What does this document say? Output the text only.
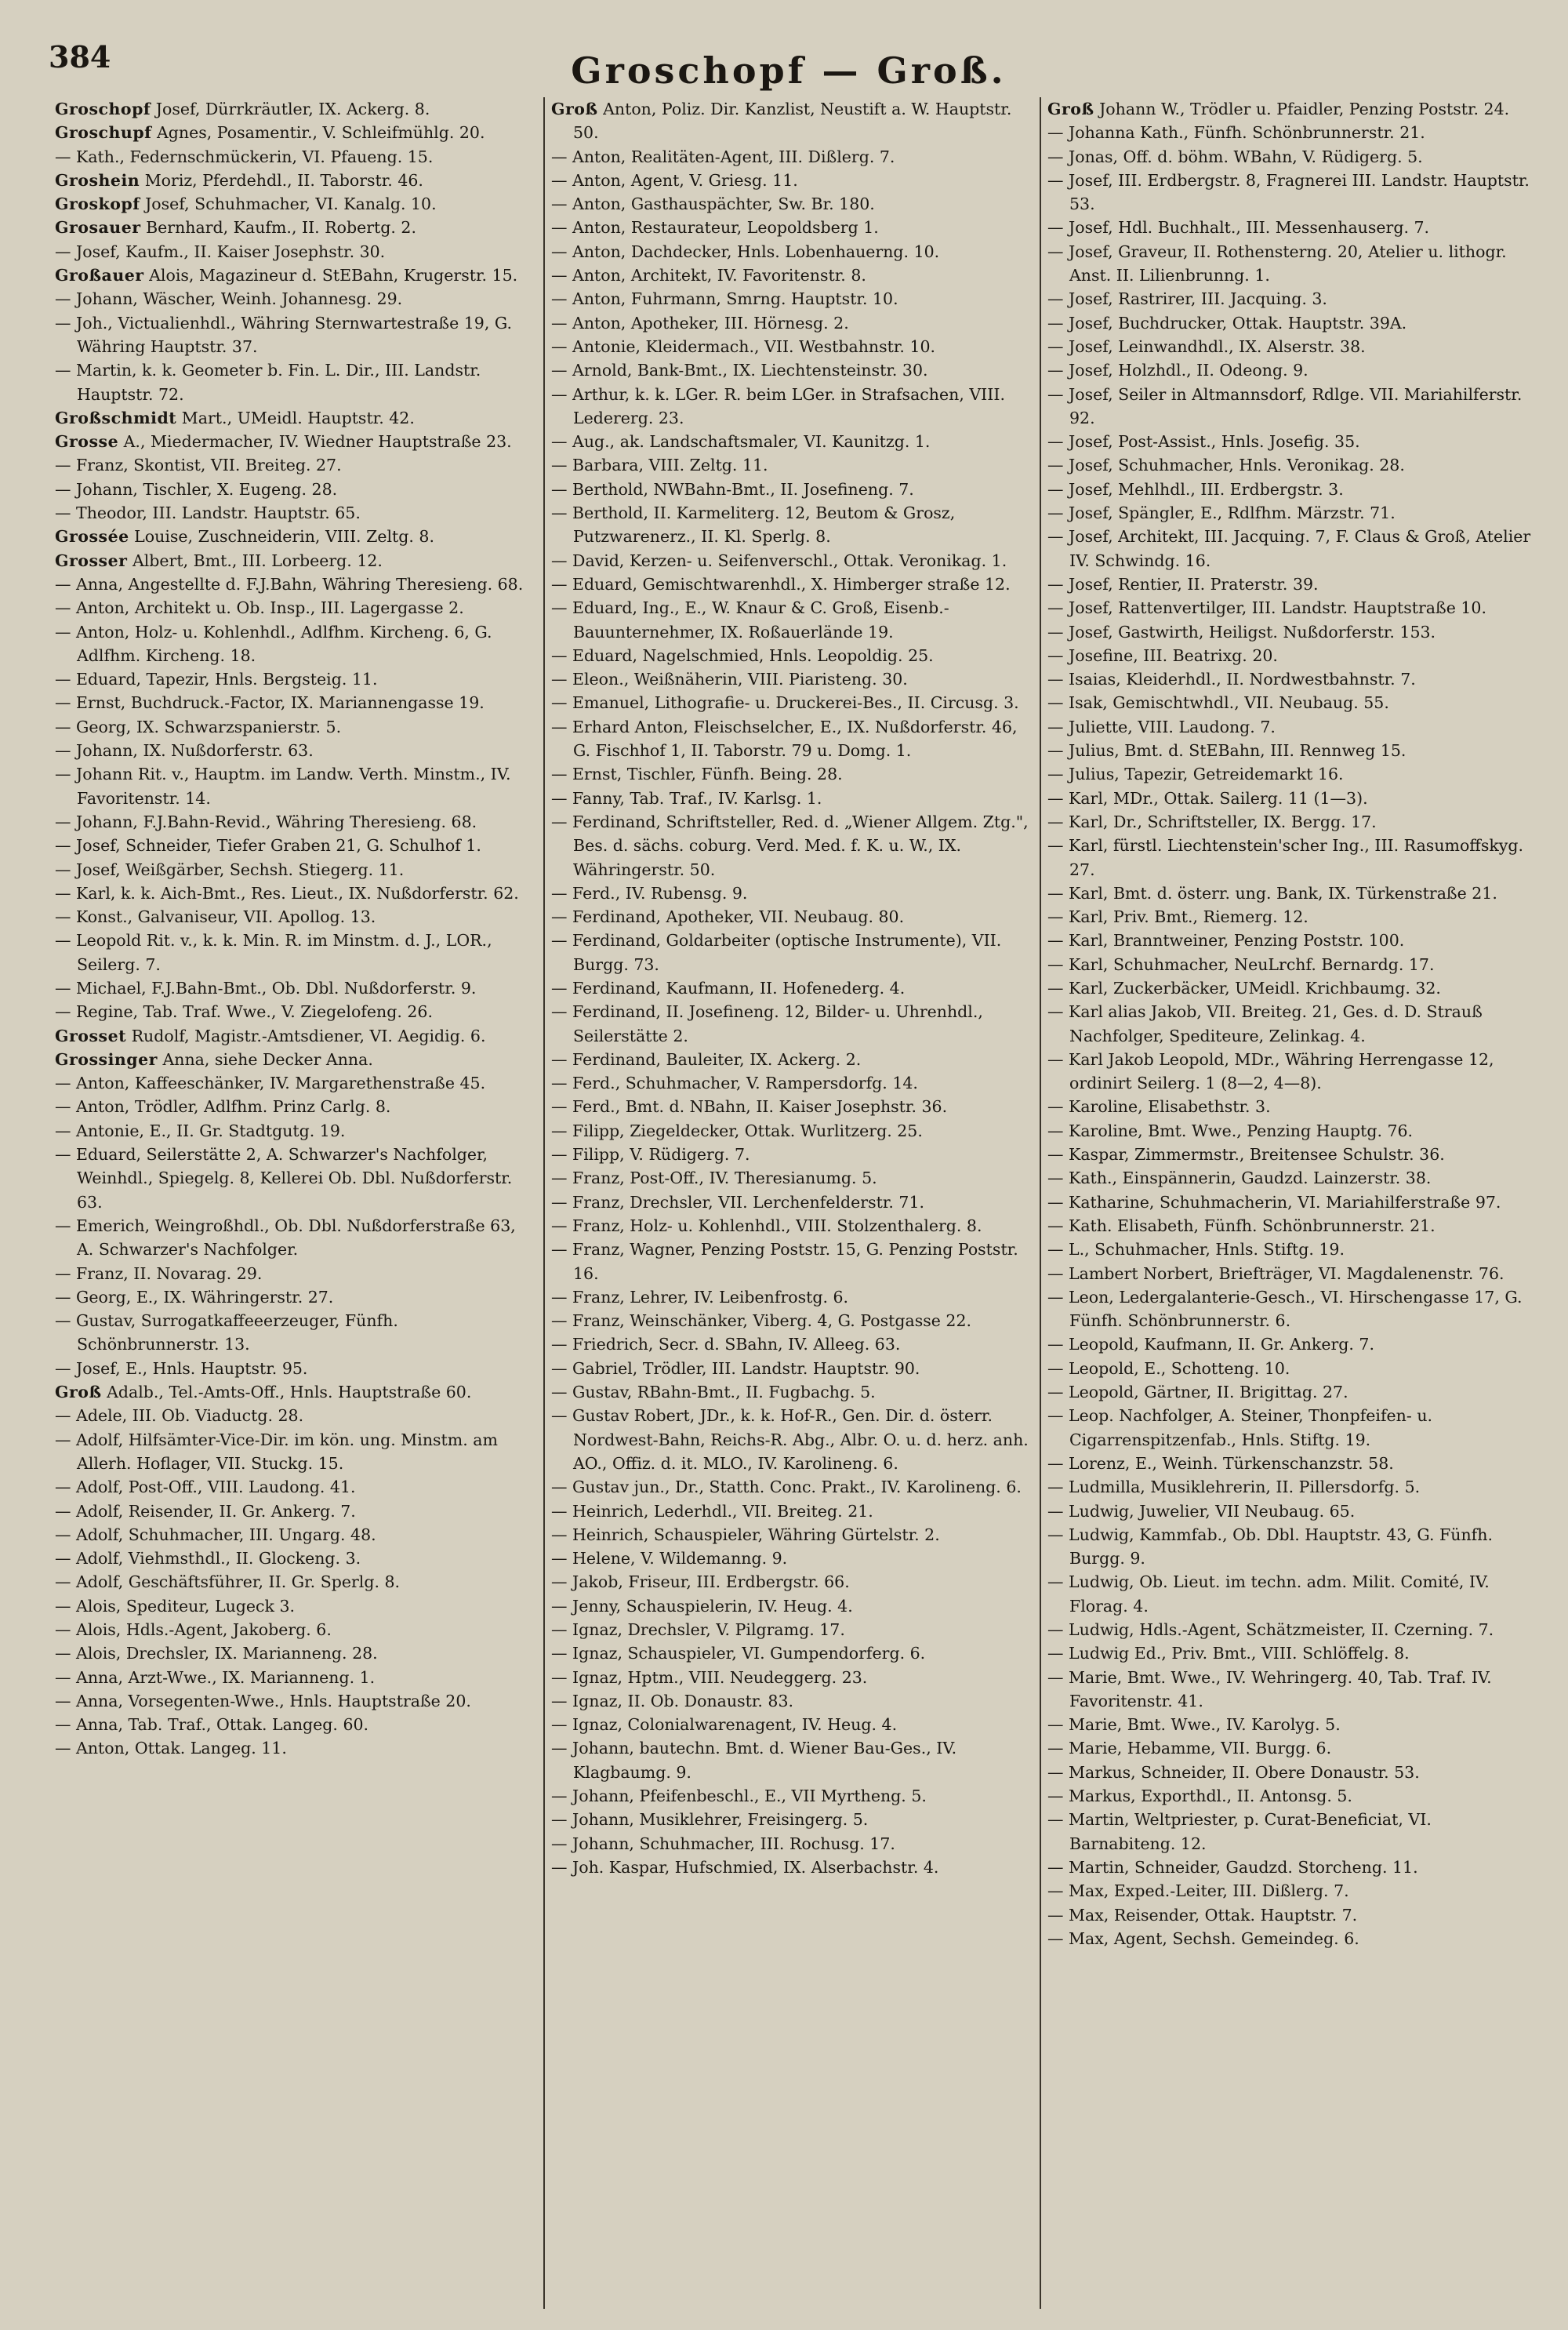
384	Groschopf — Groß.
Groschopf Josef, Dürrkräutler, IX. Ackerg. 8.
Groschupf Agnes, Posamentir., V. Schleifmühlg. 20.
— Kath., Federnschmückerin, VI. Pfaueng. 15.
Groshein Moriz, Pferdehdl., II. Taborstr. 46.
Groskopf Josef, Schuhmacher, VI. Kanalg. 10.
Grosauer Bernhard, Kaufm., II. Robertg. 2.
— Josef, Kaufm., II. Kaiser Josephstr. 30.
Großauer Alois, Magazineur d. StEBahn, Krugerstr. 15.
— Johann, Wäscher, Weinh. Johannesg. 29.
— Joh., Victualienhdl., Währing Sternwartestraße 19, G. Währing Hauptstr. 37.
— Martin, k. k. Geometer b. Fin. L. Dir., III. Landstr. Hauptstr. 72.
Großschmidt Mart., UMeidl. Hauptstr. 42.
Grosse A., Miedermacher, IV. Wiedner Hauptstraße 23.
— Franz, Skontist, VII. Breiteg. 27.
— Johann, Tischler, X. Eugeng. 28.
— Theodor, III. Landstr. Hauptstr. 65.
Grossée Louise, Zuschneiderin, VIII. Zeltg. 8.
Grosser Albert, Bmt., III. Lorbeerg. 12.
— Anna, Angestellte d. F.J.Bahn, Währing Theresieng. 68.
— Anton, Architekt u. Ob. Insp., III. Lagergasse 2.
— Anton, Holz- u. Kohlenhdl., Adlfhm. Kircheng. 6, G. Adlfhm. Kircheng. 18.
— Eduard, Tapezir, Hnls. Bergsteig. 11.
— Ernst, Buchdruck.-Factor, IX. Mariannengasse 19.
— Georg, IX. Schwarzspanierstr. 5.
— Johann, IX. Nußdorferstr. 63.
— Johann Rit. v., Hauptm. im Landw. Verth. Minstm., IV. Favoritenstr. 14.
— Johann, F.J.Bahn-Revid., Währing Theresieng. 68.
— Josef, Schneider, Tiefer Graben 21, G. Schulhof 1.
— Josef, Weißgärber, Sechsh. Stiegerg. 11.
— Karl, k. k. Aich-Bmt., Res. Lieut., IX. Nußdorferstr. 62.
— Konst., Galvaniseur, VII. Apollog. 13.
— Leopold Rit. v., k. k. Min. R. im Minstm. d. J., LOR., Seilerg. 7.
— Michael, F.J.Bahn-Bmt., Ob. Dbl. Nußdorferstr. 9.
— Regine, Tab. Traf. Wwe., V. Ziegelofeng. 26.
Grosset Rudolf, Magistr.-Amtsdiener, VI. Aegidig. 6.
Grossinger Anna, siehe Decker Anna.
— Anton, Kaffeeschänker, IV. Margarethenstraße 45.
— Anton, Trödler, Adlfhm. Prinz Carlg. 8.
— Antonie, E., II. Gr. Stadtgutg. 19.
— Eduard, Seilerstätte 2, A. Schwarzer's Nachfolger, Weinhdl., Spiegelg. 8, Kellerei Ob. Dbl. Nußdorferstr. 63.
— Emerich, Weingroßhdl., Ob. Dbl. Nußdorferstraße 63, A. Schwarzer's Nachfolger.
— Franz, II. Novarag. 29.
— Georg, E., IX. Währingerstr. 27.
— Gustav, Surrogatkaffeeerzeuger, Fünfh. Schönbrunnerstr. 13.
— Josef, E., Hnls. Hauptstr. 95.
Groß Adalb., Tel.-Amts-Off., Hnls. Hauptstraße 60.
— Adele, III. Ob. Viaductg. 28.
— Adolf, Hilfsämter-Vice-Dir. im kön. ung. Minstm. am Allerh. Hoflager, VII. Stuckg. 15.
— Adolf, Post-Off., VIII. Laudong. 41.
— Adolf, Reisender, II. Gr. Ankerg. 7.
— Adolf, Schuhmacher, III. Ungarg. 48.
— Adolf, Viehmsthdl., II. Glockeng. 3.
— Adolf, Geschäftsführer, II. Gr. Sperlg. 8.
— Alois, Spediteur, Lugeck 3.
— Alois, Hdls.-Agent, Jakoberg. 6.
— Alois, Drechsler, IX. Marianneng. 28.
— Anna, Arzt-Wwe., IX. Marianneng. 1.
— Anna, Vorsegenten-Wwe., Hnls. Hauptstraße 20.
— Anna, Tab. Traf., Ottak. Langeg. 60.
— Anton, Ottak. Langeg. 11.
Groß Anton, Poliz. Dir. Kanzlist, Neustift a. W. Hauptstr. 50.
— Anton, Realitäten-Agent, III. Dißlerg. 7.
— Anton, Agent, V. Griesg. 11.
— Anton, Gasthauspächter, Sw. Br. 180.
— Anton, Restaurateur, Leopoldsberg 1.
— Anton, Dachdecker, Hnls. Lobenhauerng. 10.
— Anton, Architekt, IV. Favoritenstr. 8.
— Anton, Fuhrmann, Smrng. Hauptstr. 10.
— Anton, Apotheker, III. Hörnesg. 2.
— Antonie, Kleidermach., VII. Westbahnstr. 10.
— Arnold, Bank-Bmt., IX. Liechtensteinstr. 30.
— Arthur, k. k. LGer. R. beim LGer. in Strafsachen, VIII. Ledererg. 23.
— Aug., ak. Landschaftsmaler, VI. Kaunitzg. 1.
— Barbara, VIII. Zeltg. 11.
— Berthold, NWBahn-Bmt., II. Josefineng. 7.
— Berthold, II. Karmeliterg. 12, Beutom & Grosz, Putzwarenerz., II. Kl. Sperlg. 8.
— David, Kerzen- u. Seifenverschl., Ottak. Veronikag. 1.
— Eduard, Gemischtwarenhdl., X. Himberger straße 12.
— Eduard, Ing., E., W. Knaur & C. Groß, Eisenb.-Bauunternehmer, IX. Roßauerlände 19.
— Eduard, Nagelschmied, Hnls. Leopoldig. 25.
— Eleon., Weißnäherin, VIII. Piaristeng. 30.
— Emanuel, Lithografie- u. Druckerei-Bes., II. Circusg. 3.
— Erhard Anton, Fleischselcher, E., IX. Nußdorferstr. 46, G. Fischhof 1, II. Taborstr. 79 u. Domg. 1.
— Ernst, Tischler, Fünfh. Being. 28.
— Fanny, Tab. Traf., IV. Karlsg. 1.
— Ferdinand, Schriftsteller, Red. d. „Wiener Allgem. Ztg.", Bes. d. sächs. coburg. Verd. Med. f. K. u. W., IX. Währingerstr. 50.
— Ferd., IV. Rubensg. 9.
— Ferdinand, Apotheker, VII. Neubaug. 80.
— Ferdinand, Goldarbeiter (optische Instrumente), VII. Burgg. 73.
— Ferdinand, Kaufmann, II. Hofenederg. 4.
— Ferdinand, II. Josefineng. 12, Bilder- u. Uhrenhdl., Seilerstätte 2.
— Ferdinand, Bauleiter, IX. Ackerg. 2.
— Ferd., Schuhmacher, V. Rampersdorfg. 14.
— Ferd., Bmt. d. NBahn, II. Kaiser Josephstr. 36.
— Filipp, Ziegeldecker, Ottak. Wurlitzerg. 25.
— Filipp, V. Rüdigerg. 7.
— Franz, Post-Off., IV. Theresianumg. 5.
— Franz, Drechsler, VII. Lerchenfelderstr. 71.
— Franz, Holz- u. Kohlenhdl., VIII. Stolzenthalerg. 8.
— Franz, Wagner, Penzing Poststr. 15, G. Penzing Poststr. 16.
— Franz, Lehrer, IV. Leibenfrostg. 6.
— Franz, Weinschänker, Viberg. 4, G. Postgasse 22.
— Friedrich, Secr. d. SBahn, IV. Alleeg. 63.
— Gabriel, Trödler, III. Landstr. Hauptstr. 90.
— Gustav, RBahn-Bmt., II. Fugbachg. 5.
— Gustav Robert, JDr., k. k. Hof-R., Gen. Dir. d. österr. Nordwest-Bahn, Reichs-R. Abg., Albr. O. u. d. herz. anh. AO., Offiz. d. it. MLO., IV. Karolineng. 6.
— Gustav jun., Dr., Statth. Conc. Prakt., IV. Karolineng. 6.
— Heinrich, Lederhdl., VII. Breiteg. 21.
— Heinrich, Schauspieler, Währing Gürtelstr. 2.
— Helene, V. Wildemanng. 9.
— Jakob, Friseur, III. Erdbergstr. 66.
— Jenny, Schauspielerin, IV. Heug. 4.
— Ignaz, Drechsler, V. Pilgramg. 17.
— Ignaz, Schauspieler, VI. Gumpendorferg. 6.
— Ignaz, Hptm., VIII. Neudeggerg. 23.
— Ignaz, II. Ob. Donaustr. 83.
— Ignaz, Colonialwarenagent, IV. Heug. 4.
— Johann, bautechn. Bmt. d. Wiener Bau-Ges., IV. Klagbaumg. 9.
— Johann, Pfeifenbeschl., E., VII Myrtheng. 5.
— Johann, Musiklehrer, Freisingerg. 5.
— Johann, Schuhmacher, III. Rochusg. 17.
— Joh. Kaspar, Hufschmied, IX. Alserbachstr. 4.
Groß Johann W., Trödler u. Pfaidler, Penzing Poststr. 24.
— Johanna Kath., Fünfh. Schönbrunnerstr. 21.
— Jonas, Off. d. böhm. WBahn, V. Rüdigerg. 5.
— Josef, III. Erdbergstr. 8, Fragnerei III. Landstr. Hauptstr. 53.
— Josef, Hdl. Buchhalt., III. Messenhauserg. 7.
— Josef, Graveur, II. Rothensterng. 20, Atelier u. lithogr. Anst. II. Lilienbrunng. 1.
— Josef, Rastrirer, III. Jacquing. 3.
— Josef, Buchdrucker, Ottak. Hauptstr. 39A.
— Josef, Leinwandhdl., IX. Alserstr. 38.
— Josef, Holzhdl., II. Odeong. 9.
— Josef, Seiler in Altmannsdorf, Rdlge. VII. Mariahilferstr. 92.
— Josef, Post-Assist., Hnls. Josefig. 35.
— Josef, Schuhmacher, Hnls. Veronikag. 28.
— Josef, Mehlhdl., III. Erdbergstr. 3.
— Josef, Spängler, E., Rdlfhm. Märzstr. 71.
— Josef, Architekt, III. Jacquing. 7, F. Claus & Groß, Atelier IV. Schwindg. 16.
— Josef, Rentier, II. Praterstr. 39.
— Josef, Rattenvertilger, III. Landstr. Hauptstraße 10.
— Josef, Gastwirth, Heiligst. Nußdorferstr. 153.
— Josefine, III. Beatrixg. 20.
— Isaias, Kleiderhdl., II. Nordwestbahnstr. 7.
— Isak, Gemischtwhdl., VII. Neubaug. 55.
— Juliette, VIII. Laudong. 7.
— Julius, Bmt. d. StEBahn, III. Rennweg 15.
— Julius, Tapezir, Getreidemarkt 16.
— Karl, MDr., Ottak. Sailerg. 11 (1—3).
— Karl, Dr., Schriftsteller, IX. Bergg. 17.
— Karl, fürstl. Liechtenstein'scher Ing., III. Rasumoffskyg. 27.
— Karl, Bmt. d. österr. ung. Bank, IX. Türkenstraße 21.
— Karl, Priv. Bmt., Riemerg. 12.
— Karl, Branntweiner, Penzing Poststr. 100.
— Karl, Schuhmacher, NeuLrchf. Bernardg. 17.
— Karl, Zuckerbäcker, UMeidl. Krichbaumg. 32.
— Karl alias Jakob, VII. Breiteg. 21, Ges. d. D. Strauß Nachfolger, Spediteure, Zelinkag. 4.
— Karl Jakob Leopold, MDr., Währing Herrengasse 12, ordinirt Seilerg. 1 (8—2, 4—8).
— Karoline, Elisabethstr. 3.
— Karoline, Bmt. Wwe., Penzing Hauptg. 76.
— Kaspar, Zimmermstr., Breitensee Schulstr. 36.
— Kath., Einspännerin, Gaudzd. Lainzerstr. 38.
— Katharine, Schuhmacherin, VI. Mariahilferstraße 97.
— Kath. Elisabeth, Fünfh. Schönbrunnerstr. 21.
— L., Schuhmacher, Hnls. Stiftg. 19.
— Lambert Norbert, Briefträger, VI. Magdalenenstr. 76.
— Leon, Ledergalanterie-Gesch., VI. Hirschengasse 17, G. Fünfh. Schönbrunnerstr. 6.
— Leopold, Kaufmann, II. Gr. Ankerg. 7.
— Leopold, E., Schotteng. 10.
— Leopold, Gärtner, II. Brigittag. 27.
— Leop. Nachfolger, A. Steiner, Thonpfeifen- u. Cigarrenspitzenfab., Hnls. Stiftg. 19.
— Lorenz, E., Weinh. Türkenschanzstr. 58.
— Ludmilla, Musiklehrerin, II. Pillersdorfg. 5.
— Ludwig, Juwelier, VII Neubaug. 65.
— Ludwig, Kammfab., Ob. Dbl. Hauptstr. 43, G. Fünfh. Burgg. 9.
— Ludwig, Ob. Lieut. im techn. adm. Milit. Comité, IV. Florag. 4.
— Ludwig, Hdls.-Agent, Schätzmeister, II. Czerning. 7.
— Ludwig Ed., Priv. Bmt., VIII. Schlöffelg. 8.
— Marie, Bmt. Wwe., IV. Wehringerg. 40, Tab. Traf. IV. Favoritenstr. 41.
— Marie, Bmt. Wwe., IV. Karolyg. 5.
— Marie, Hebamme, VII. Burgg. 6.
— Markus, Schneider, II. Obere Donaustr. 53.
— Markus, Exporthdl., II. Antonsg. 5.
— Martin, Weltpriester, p. Curat-Beneficiat, VI. Barnabiteng. 12.
— Martin, Schneider, Gaudzd. Storcheng. 11.
— Max, Exped.-Leiter, III. Dißlerg. 7.
— Max, Reisender, Ottak. Hauptstr. 7.
— Max, Agent, Sechsh. Gemeindeg. 6.
